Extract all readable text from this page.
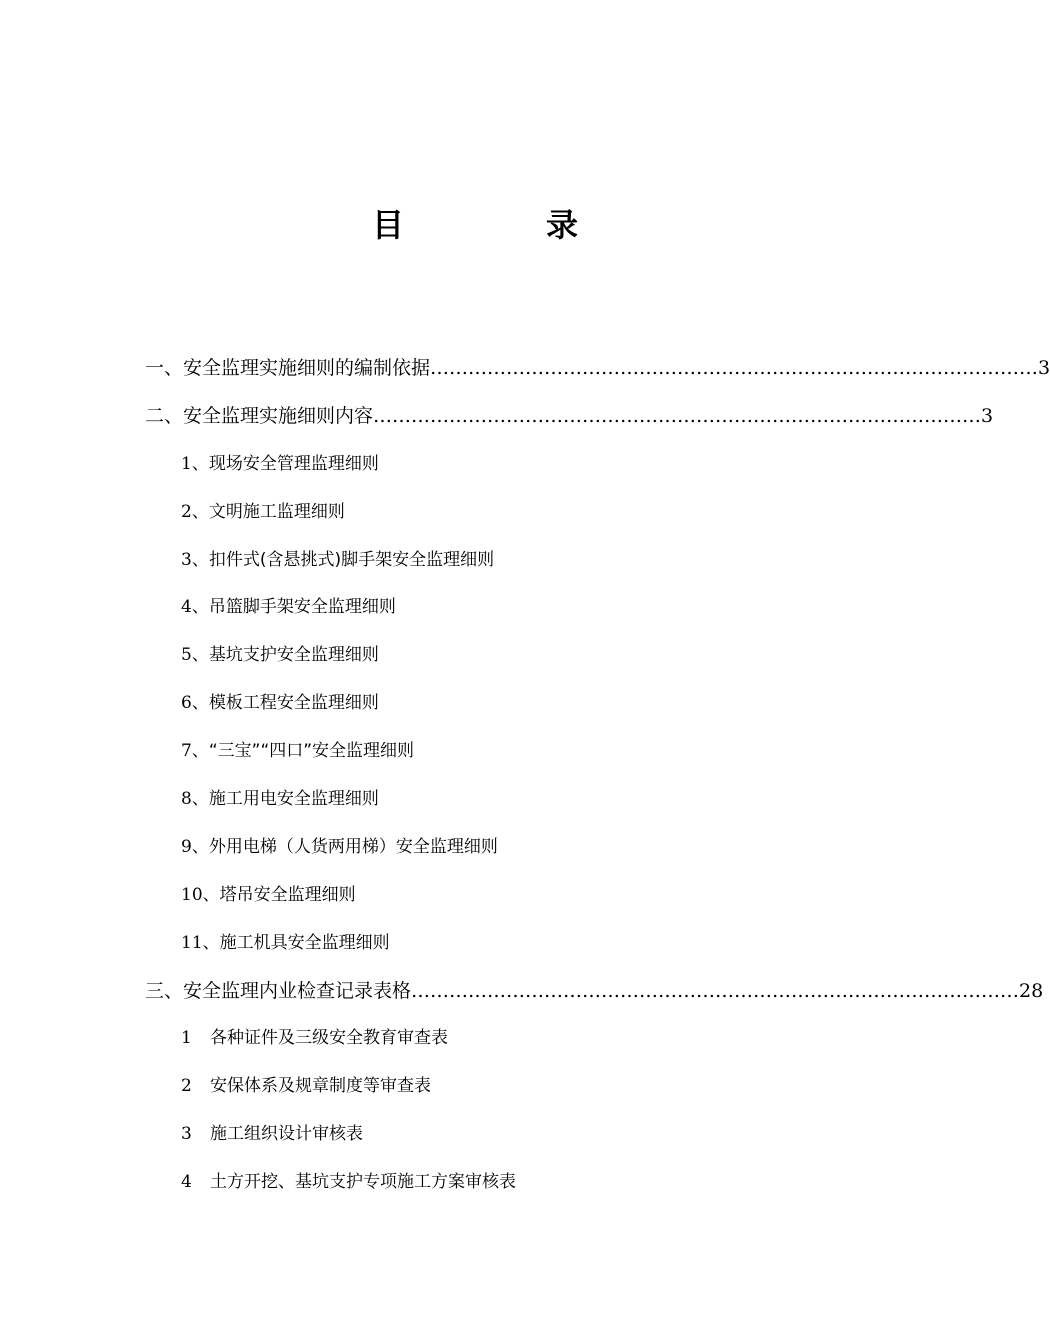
目	录
一、安全监理实施细则的编制依据 …………………………………………………………………………………… 3
二、安全监理实施细则内容 …………………………………………………………………………………… 3
1、现场安全管理监理细则
2、文明施工监理细则
3、扣件式(含悬挑式)脚手架安全监理细则
4、吊篮脚手架安全监理细则
5、基坑支护安全监理细则
6、模板工程安全监理细则
7、“三宝”“四口”安全监理细则
8、施工用电安全监理细则
9、外用电梯（人货两用梯）安全监理细则
10、塔吊安全监理细则
11、施工机具安全监理细则
三、安全监理内业检查记录表格 …………………………………………………………………………………… 28
1 各种证件及三级安全教育审查表
2 安保体系及规章制度等审查表
3 施工组织设计审核表
4 土方开挖、基坑支护专项施工方案审核表
